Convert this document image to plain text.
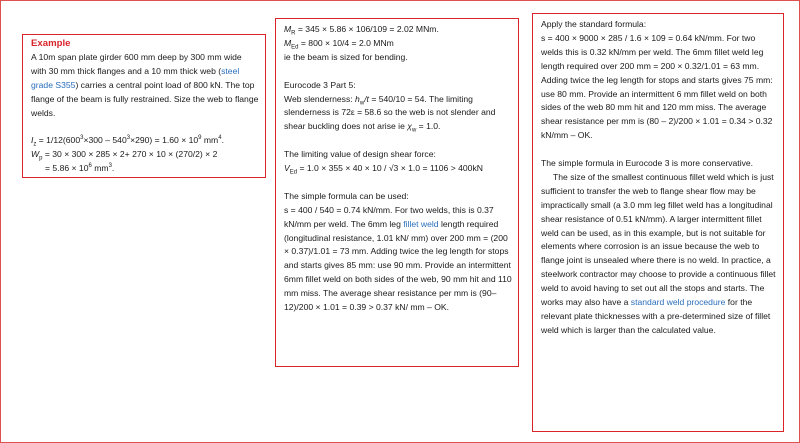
Example

A 10m span plate girder 600 mm deep by 300 mm wide with 30 mm thick flanges and a 10 mm thick web (steel grade S355) carries a central point load of 800 kN. The top flange of the beam is fully restrained. Size the web to flange welds.

$I_z = 1/12(600^3\times 300 - 540^3\times 290) = 1.60 \times 10^9$ $mm^4$.

$W_p = 30 \times 300 \times 285 \times 2+ 270 \times 10 \times (270/2) \times 2$

= $5.86 \times 10^6$ $mm^3$.

$M_R = 345 \times 5.86 \times 106/109 = 2.02$ MNm.

$M_{Ed} = 800 \times 10/4 = 2.0$ MNm

ie the beam is sized for bending.

Eurocode 3 Part 5:

Web slenderness: $h_w/t = 540/10 = 54$. The limiting slenderness is 72ε = 58.6 so the web is not slender and shear buckling does not arise ie $\chi_w = 1.0$.

The limiting value of design shear force:

$V_{Ed} = 1.0 \times 355 \times 40 \times 10 / √3 \times 1.0 = 1106 > 400kN$

The simple formula can be used:

s = 400 / 540 = 0.74 kN/mm. For two welds, this is 0.37 kN/mm per weld. The 6mm leg fillet weld length required (longitudinal resistance, 1.01 kN/ mm) over 200 mm = (200 × 0.37)/1.01 = 73 mm. Adding twice the leg length for stops and starts gives 85 mm: use 90 mm. Provide an intermittent 6mm fillet weld on both sides of the web, 90 mm hit and 110 mm miss. The average shear resistance per mm is (90–12)/200 × 1.01 = 0.39 > 0.37 kN/ mm – OK.

Apply the standard formula:

s = 400 × 9000 × 285 / 1.6 × 109 = 0.64 kN/mm. For two welds this is 0.32 kN/mm per weld. The 6mm fillet weld leg length required over 200 mm = 200 × 0.32/1.01 = 63 mm. Adding twice the leg length for stops and starts gives 75 mm: use 80 mm. Provide an intermittent 6 mm fillet weld on both sides of the web 80 mm hit and 120 mm miss. The average shear resistance per mm is (80 – 2)/200 × 1.01 = 0.34 > 0.32 kN/mm – OK.

The simple formula in Eurocode 3 is more conservative.

The size of the smallest continuous fillet weld which is just sufficient to transfer the web to flange shear flow may be impractically small (a 3.0 mm leg fillet weld has a longitudinal shear resistance of 0.51 kN/mm). A larger intermittent fillet weld can be used, as in this example, but is not suitable for elements where corrosion is an issue because the web to flange joint is unsealed where there is no weld. In practice, a steelwork contractor may choose to provide a continuous fillet weld to avoid having to set out all the stops and starts. The works may also have a standard weld procedure for the relevant plate thicknesses with a pre-determined size of fillet weld which is larger than the calculated value.
